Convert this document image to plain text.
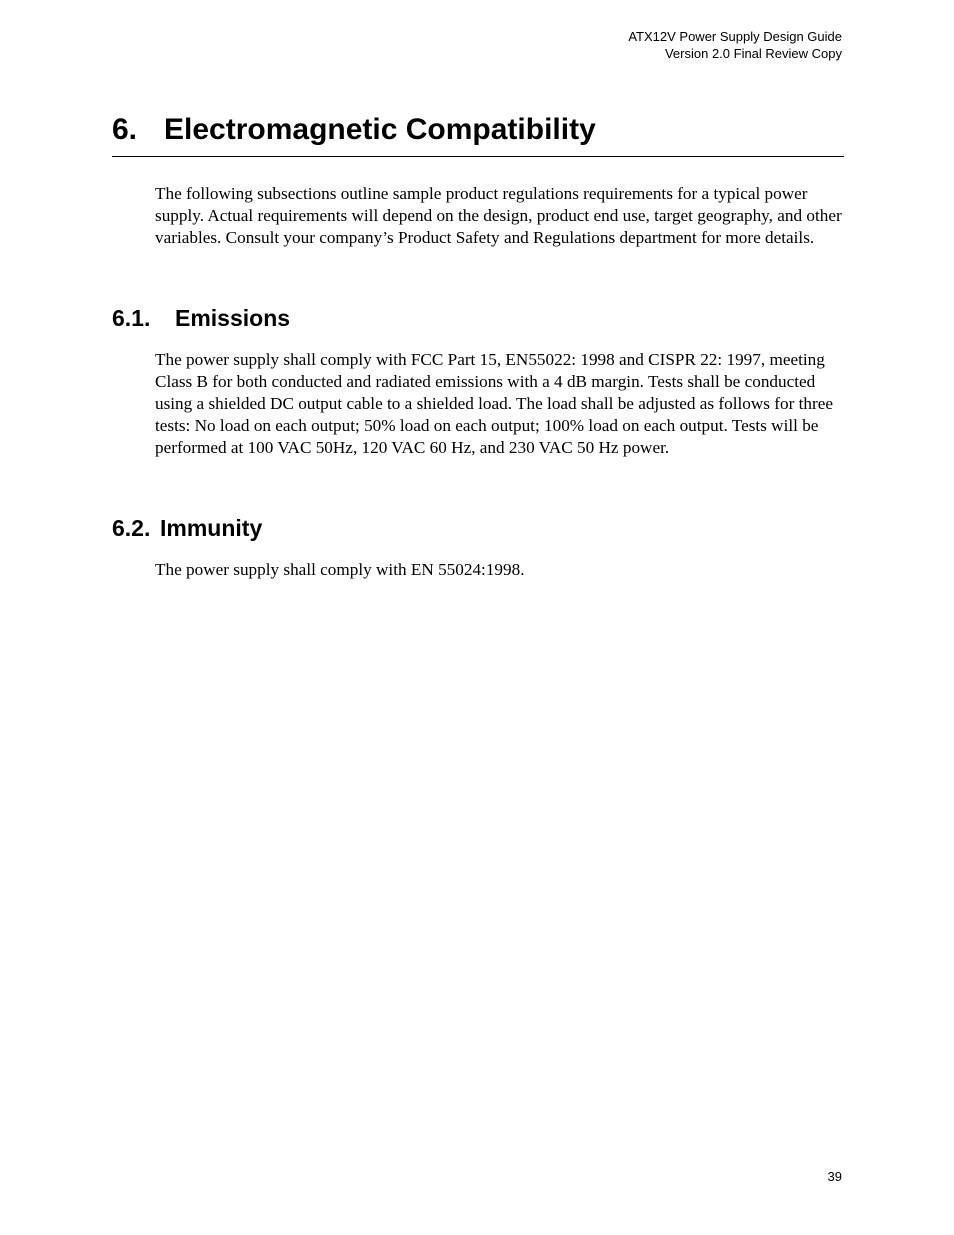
ATX12V Power Supply Design Guide
Version 2.0 Final Review Copy
6. Electromagnetic Compatibility

The following subsections outline sample product regulations requirements for a typical power supply. Actual requirements will depend on the design, product end use, target geography, and other variables. Consult your company’s Product Safety and Regulations department for more details.

6.1. Emissions

The power supply shall comply with FCC Part 15, EN55022: 1998 and CISPR 22: 1997, meeting Class B for both conducted and radiated emissions with a 4 dB margin. Tests shall be conducted using a shielded DC output cable to a shielded load. The load shall be adjusted as follows for three tests: No load on each output; 50% load on each output; 100% load on each output. Tests will be performed at 100 VAC 50Hz, 120 VAC 60 Hz, and 230 VAC 50 Hz power.

6.2. Immunity

The power supply shall comply with EN 55024:1998.

39
